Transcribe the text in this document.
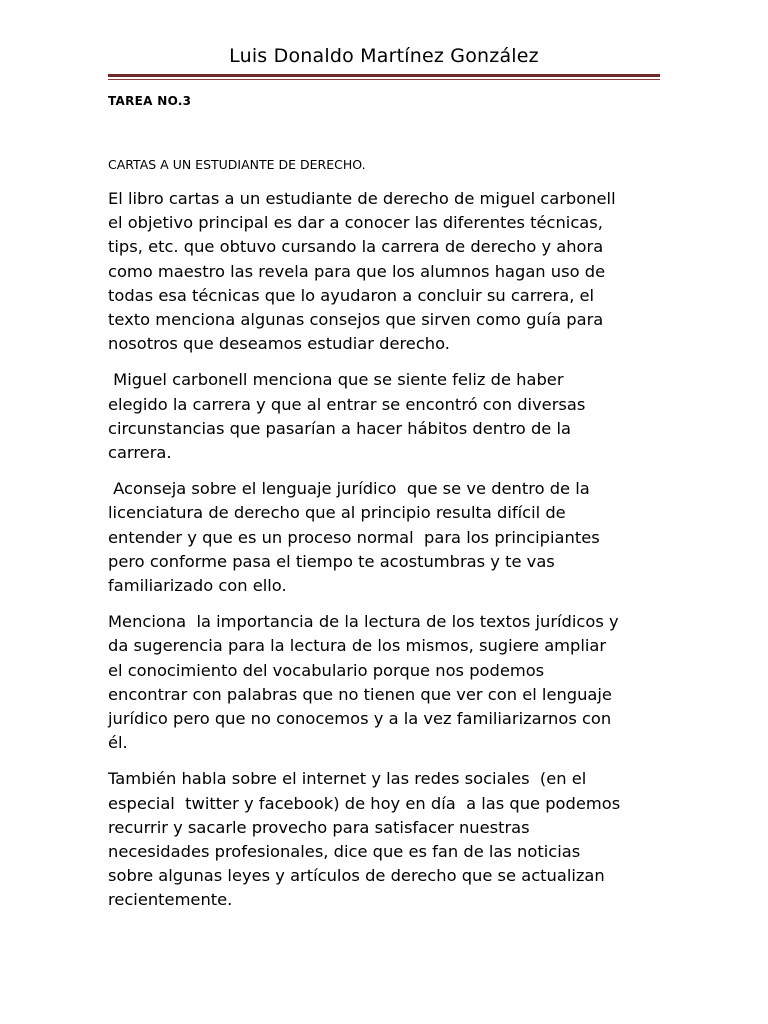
Luis Donaldo Martínez González
TAREA NO.3
CARTAS A UN ESTUDIANTE DE DERECHO.

El libro cartas a un estudiante de derecho de miguel carbonell
el objetivo principal es dar a conocer las diferentes técnicas,
tips, etc. que obtuvo cursando la carrera de derecho y ahora
como maestro las revela para que los alumnos hagan uso de
todas esa técnicas que lo ayudaron a concluir su carrera, el
texto menciona algunas consejos que sirven como guía para
nosotros que deseamos estudiar derecho.

Miguel carbonell menciona que se siente feliz de haber
elegido la carrera y que al entrar se encontró con diversas
circunstancias que pasarían a hacer hábitos dentro de la
carrera.

Aconseja sobre el lenguaje jurídico  que se ve dentro de la
licenciatura de derecho que al principio resulta difícil de
entender y que es un proceso normal  para los principiantes
pero conforme pasa el tiempo te acostumbras y te vas
familiarizado con ello.

Menciona  la importancia de la lectura de los textos jurídicos y
da sugerencia para la lectura de los mismos, sugiere ampliar
el conocimiento del vocabulario porque nos podemos
encontrar con palabras que no tienen que ver con el lenguaje
jurídico pero que no conocemos y a la vez familiarizarnos con
él.

También habla sobre el internet y las redes sociales  (en el
especial  twitter y facebook) de hoy en día  a las que podemos
recurrir y sacarle provecho para satisfacer nuestras
necesidades profesionales, dice que es fan de las noticias
sobre algunas leyes y artículos de derecho que se actualizan
recientemente.
